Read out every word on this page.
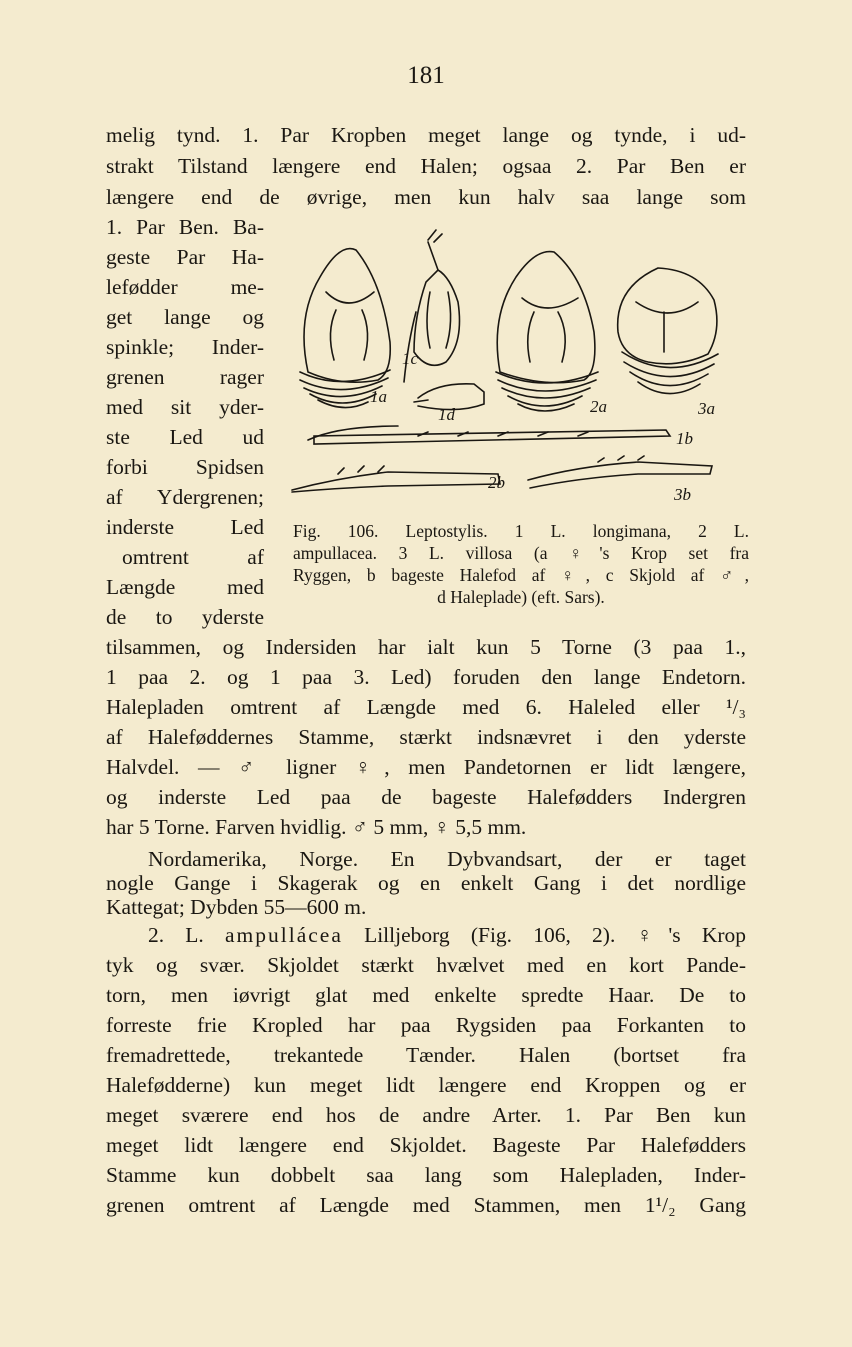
181
melig tynd. 1. Par Kropben meget lange og tynde, i ud-
strakt Tilstand længere end Halen; ogsaa 2. Par Ben er
længere end de øvrige, men kun halv saa lange som
1. Par Ben. Ba-
geste Par Ha-
lefødder me-
get lange og
spinkle; Inder-
grenen rager
med sit yder-
ste Led ud
forbi Spidsen
af Ydergrenen;
inderste Led
omtrent af
Længde med
de to yderste
1c
1a
1d	2a	3a
1b
2b
3b
Fig. 106. Leptostylis. 1 L. longimana, 2 L.
ampullacea. 3 L. villosa (a ♀'s Krop set fra
Ryggen, b bageste Halefod af ♀, c Skjold af ♂,
d Haleplade) (eft. Sars).
tilsammen, og Indersiden har ialt kun 5 Torne (3 paa 1.,
1 paa 2. og 1 paa 3. Led) foruden den lange Endetorn.
Halepladen omtrent af Længde med 6. Haleled eller ¹/₃
af Haleføddernes Stamme, stærkt indsnævret i den yderste
Halvdel. — ♂ ligner ♀, men Pandetornen er lidt længere,
og inderste Led paa de bageste Halefødders Indergren
har 5 Torne. Farven hvidlig. ♂ 5 mm, ♀ 5,5 mm.
Nordamerika, Norge. En Dybvandsart, der er taget
nogle Gange i Skagerak og en enkelt Gang i det nordlige
Kattegat; Dybden 55—600 m.
2. L. ampullácea Lilljeborg (Fig. 106, 2). ♀'s Krop
tyk og svær. Skjoldet stærkt hvælvet med en kort Pande-
torn, men iøvrigt glat med enkelte spredte Haar. De to
forreste frie Kropled har paa Rygsiden paa Forkanten to
fremadrettede, trekantede Tænder. Halen (bortset fra
Halefødderne) kun meget lidt længere end Kroppen og er
meget sværere end hos de andre Arter. 1. Par Ben kun
meget lidt længere end Skjoldet. Bageste Par Halefødders
Stamme kun dobbelt saa lang som Halepladen, Inder-
grenen omtrent af Længde med Stammen, men 1¹/₂ Gang
